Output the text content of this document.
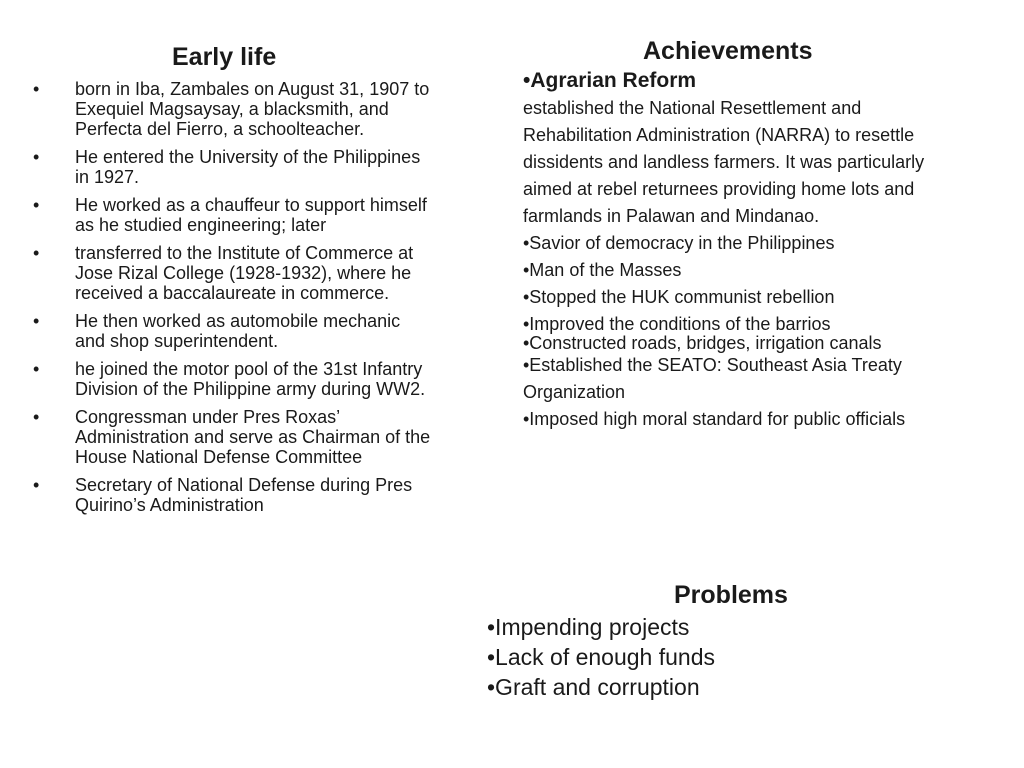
Early life
•	born in Iba, Zambales on August 31, 1907 to Exequiel Magsaysay, a blacksmith, and Perfecta del Fierro, a schoolteacher.
•	He entered the University of the Philippines in 1927.
•	He worked as a chauffeur to support himself as he studied engineering; later
•	transferred to the Institute of Commerce at Jose Rizal College (1928-1932), where he received a baccalaureate in commerce.
•	He then worked as automobile mechanic and shop superintendent.
•	he joined the motor pool of the 31st Infantry Division of the Philippine army during WW2.
•	Congressman under Pres Roxas’ Administration and serve as Chairman of the House National Defense Committee
•	Secretary of National Defense during Pres Quirino’s Administration
Achievements
•Agrarian Reform
established the National Resettlement and Rehabilitation Administration (NARRA) to resettle dissidents and landless farmers. It was particularly aimed at rebel returnees providing home lots and farmlands in Palawan and Mindanao.
•Savior of democracy in the Philippines
•Man of the Masses
•Stopped the HUK communist rebellion
•Improved the conditions of the barrios
•Constructed roads, bridges, irrigation canals
•Established the SEATO: Southeast Asia Treaty Organization
•Imposed high moral standard for public officials
Problems
•Impending projects
•Lack of enough funds
•Graft and corruption
